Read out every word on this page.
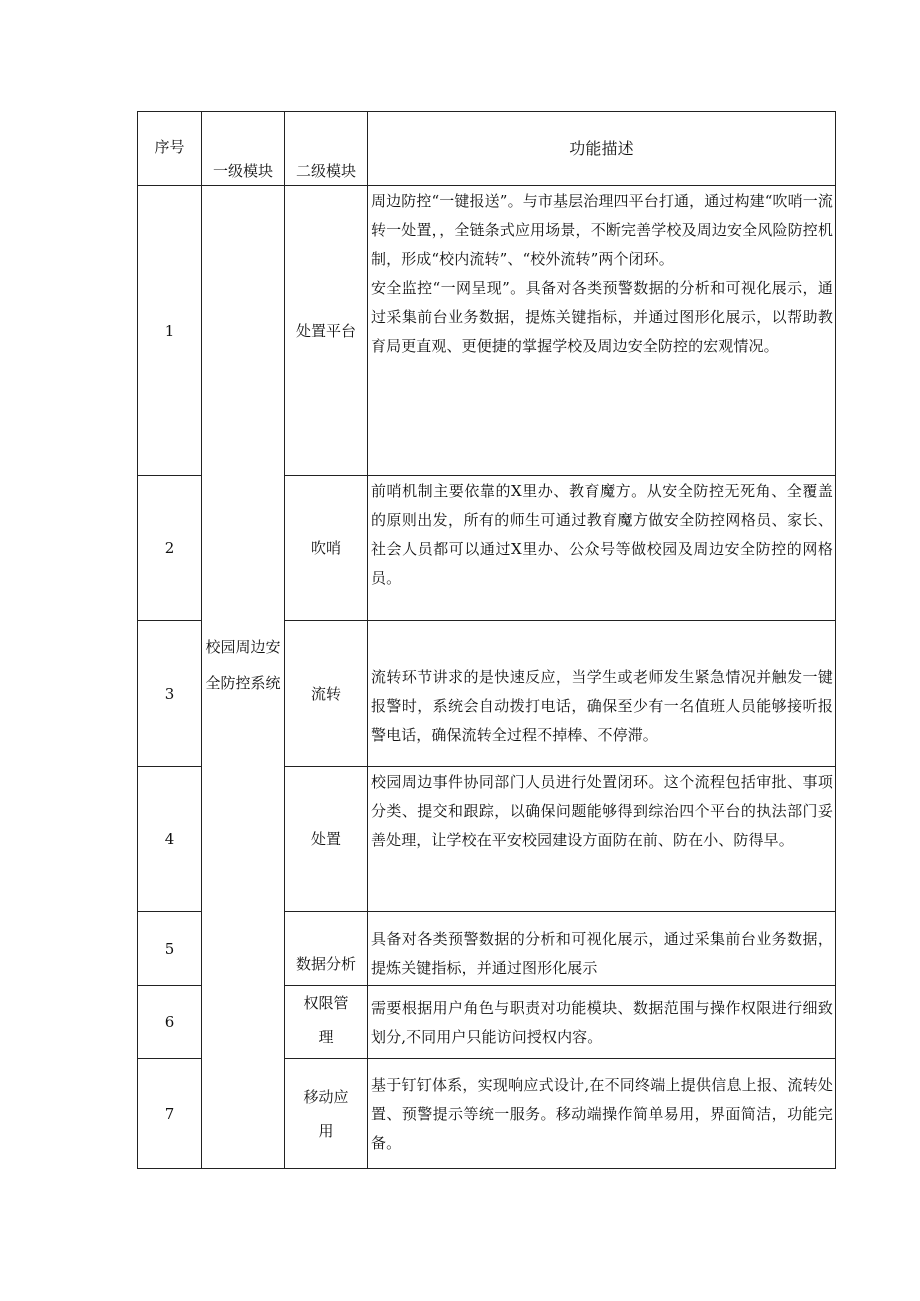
序号	一级模块	二级模块	功能描述
1	校园周边安全防控系统	处置平台	周边防控“一键报送”。与市基层治理四平台打通，通过构建“吹哨一流转一处置，，全链条式应用场景，不断完善学校及周边安全风险防控机制，形成“校内流转”、“校外流转”两个闭环。
安全监控“一网呈现”。具备对各类预警数据的分析和可视化展示，通过采集前台业务数据，提炼关键指标，并通过图形化展示，以帮助教育局更直观、更便捷的掌握学校及周边安全防控的宏观情况。

2		吹哨	前哨机制主要依靠的X里办、教育魔方。从安全防控无死角、全覆盖的原则出发，所有的师生可通过教育魔方做安全防控网格员、家长、社会人员都可以通过X里办、公众号等做校园及周边安全防控的网格员。

3		流转	流转环节讲求的是快速反应，当学生或老师发生紧急情况并触发一键报警时，系统会自动拨打电话，确保至少有一名值班人员能够接听报警电话，确保流转全过程不掉棒、不停滞。

4		处置	校园周边事件协同部门人员进行处置闭环。这个流程包括审批、事项分类、提交和跟踪，以确保问题能够得到综治四个平台的执法部门妥善处理，让学校在平安校园建设方面防在前、防在小、防得早。

5		数据分析	具备对各类预警数据的分析和可视化展示，通过采集前台业务数据，提炼关键指标，并通过图形化展示

6		权限管理	需要根据用户角色与职责对功能模块、数据范围与操作权限进行细致划分,不同用户只能访问授权内容。

7		移动应用	基于钉钉体系，实现响应式设计,在不同终端上提供信息上报、流转处置、预警提示等统一服务。移动端操作简单易用，界面简洁，功能完备。
